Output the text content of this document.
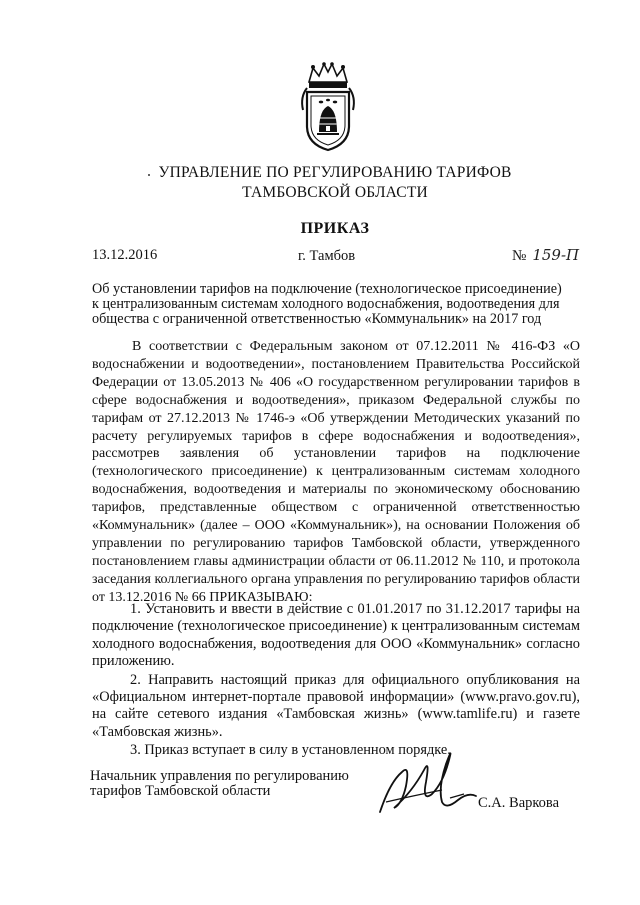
УПРАВЛЕНИЕ ПО РЕГУЛИРОВАНИЮ ТАРИФОВ
ТАМБОВСКОЙ ОБЛАСТИ
ПРИКАЗ
13.12.2016	г. Тамбов	№ 159-П
Об установлении тарифов на подключение (технологическое присоединение)
к централизованным системам холодного водоснабжения, водоотведения для
общества с ограниченной ответственностью «Коммунальник» на 2017 год

В соответствии с Федеральным законом от 07.12.2011 № 416-ФЗ «О водоснабжении и водоотведении», постановлением Правительства Российской Федерации от 13.05.2013 № 406 «О государственном регулировании тарифов в сфере водоснабжения и водоотведения», приказом Федеральной службы по тарифам от 27.12.2013 № 1746-э «Об утверждении Методических указаний по расчету регулируемых тарифов в сфере водоснабжения и водоотведения», рассмотрев заявления об установлении тарифов на подключение (технологического присоединение) к централизованным системам холодного водоснабжения, водоотведения и материалы по экономическому обоснованию тарифов, представленные обществом с ограниченной ответственностью «Коммунальник» (далее – ООО «Коммунальник»), на основании Положения об управлении по регулированию тарифов Тамбовской области, утвержденного постановлением главы администрации области от 06.11.2012 № 110, и протокола заседания коллегиального органа управления по регулированию тарифов области от 13.12.2016 № 66 ПРИКАЗЫВАЮ:

1. Установить и ввести в действие с 01.01.2017 по 31.12.2017 тарифы на подключение (технологическое присоединение) к централизованным системам холодного водоснабжения, водоотведения для ООО «Коммунальник» согласно приложению.

2. Направить настоящий приказ для официального опубликования на «Официальном интернет-портале правовой информации» (www.pravo.gov.ru), на сайте сетевого издания «Тамбовская жизнь» (www.tamlife.ru) и газете «Тамбовская жизнь».

3. Приказ вступает в силу в установленном порядке.

Начальник управления по регулированию
тарифов Тамбовской области
С.А. Варкова
